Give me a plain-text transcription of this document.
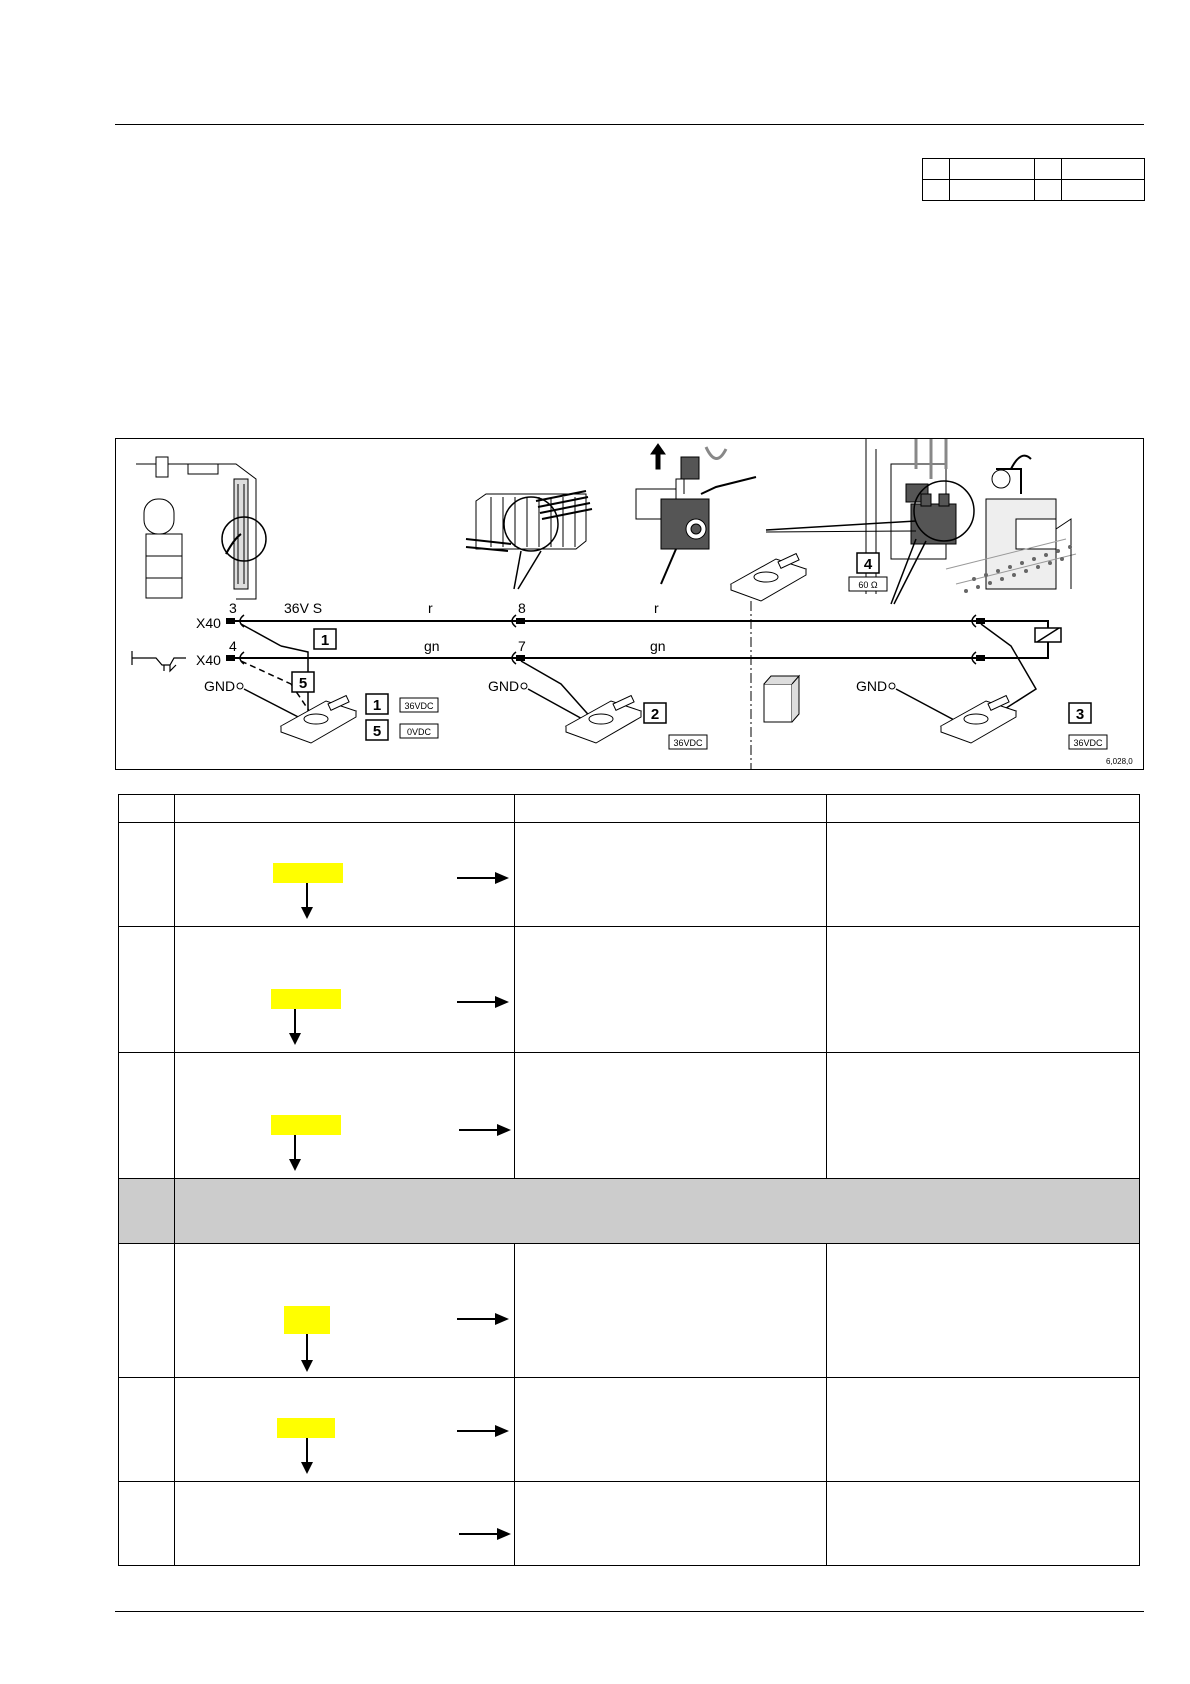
X40
X40
3
4
36V S	r	r
gn	gn
8
7
GND	GND	GND
6,028,0
1
5
1
5
2	3
4
36VDC
0VDC
36VDC	36VDC
60 Ω
